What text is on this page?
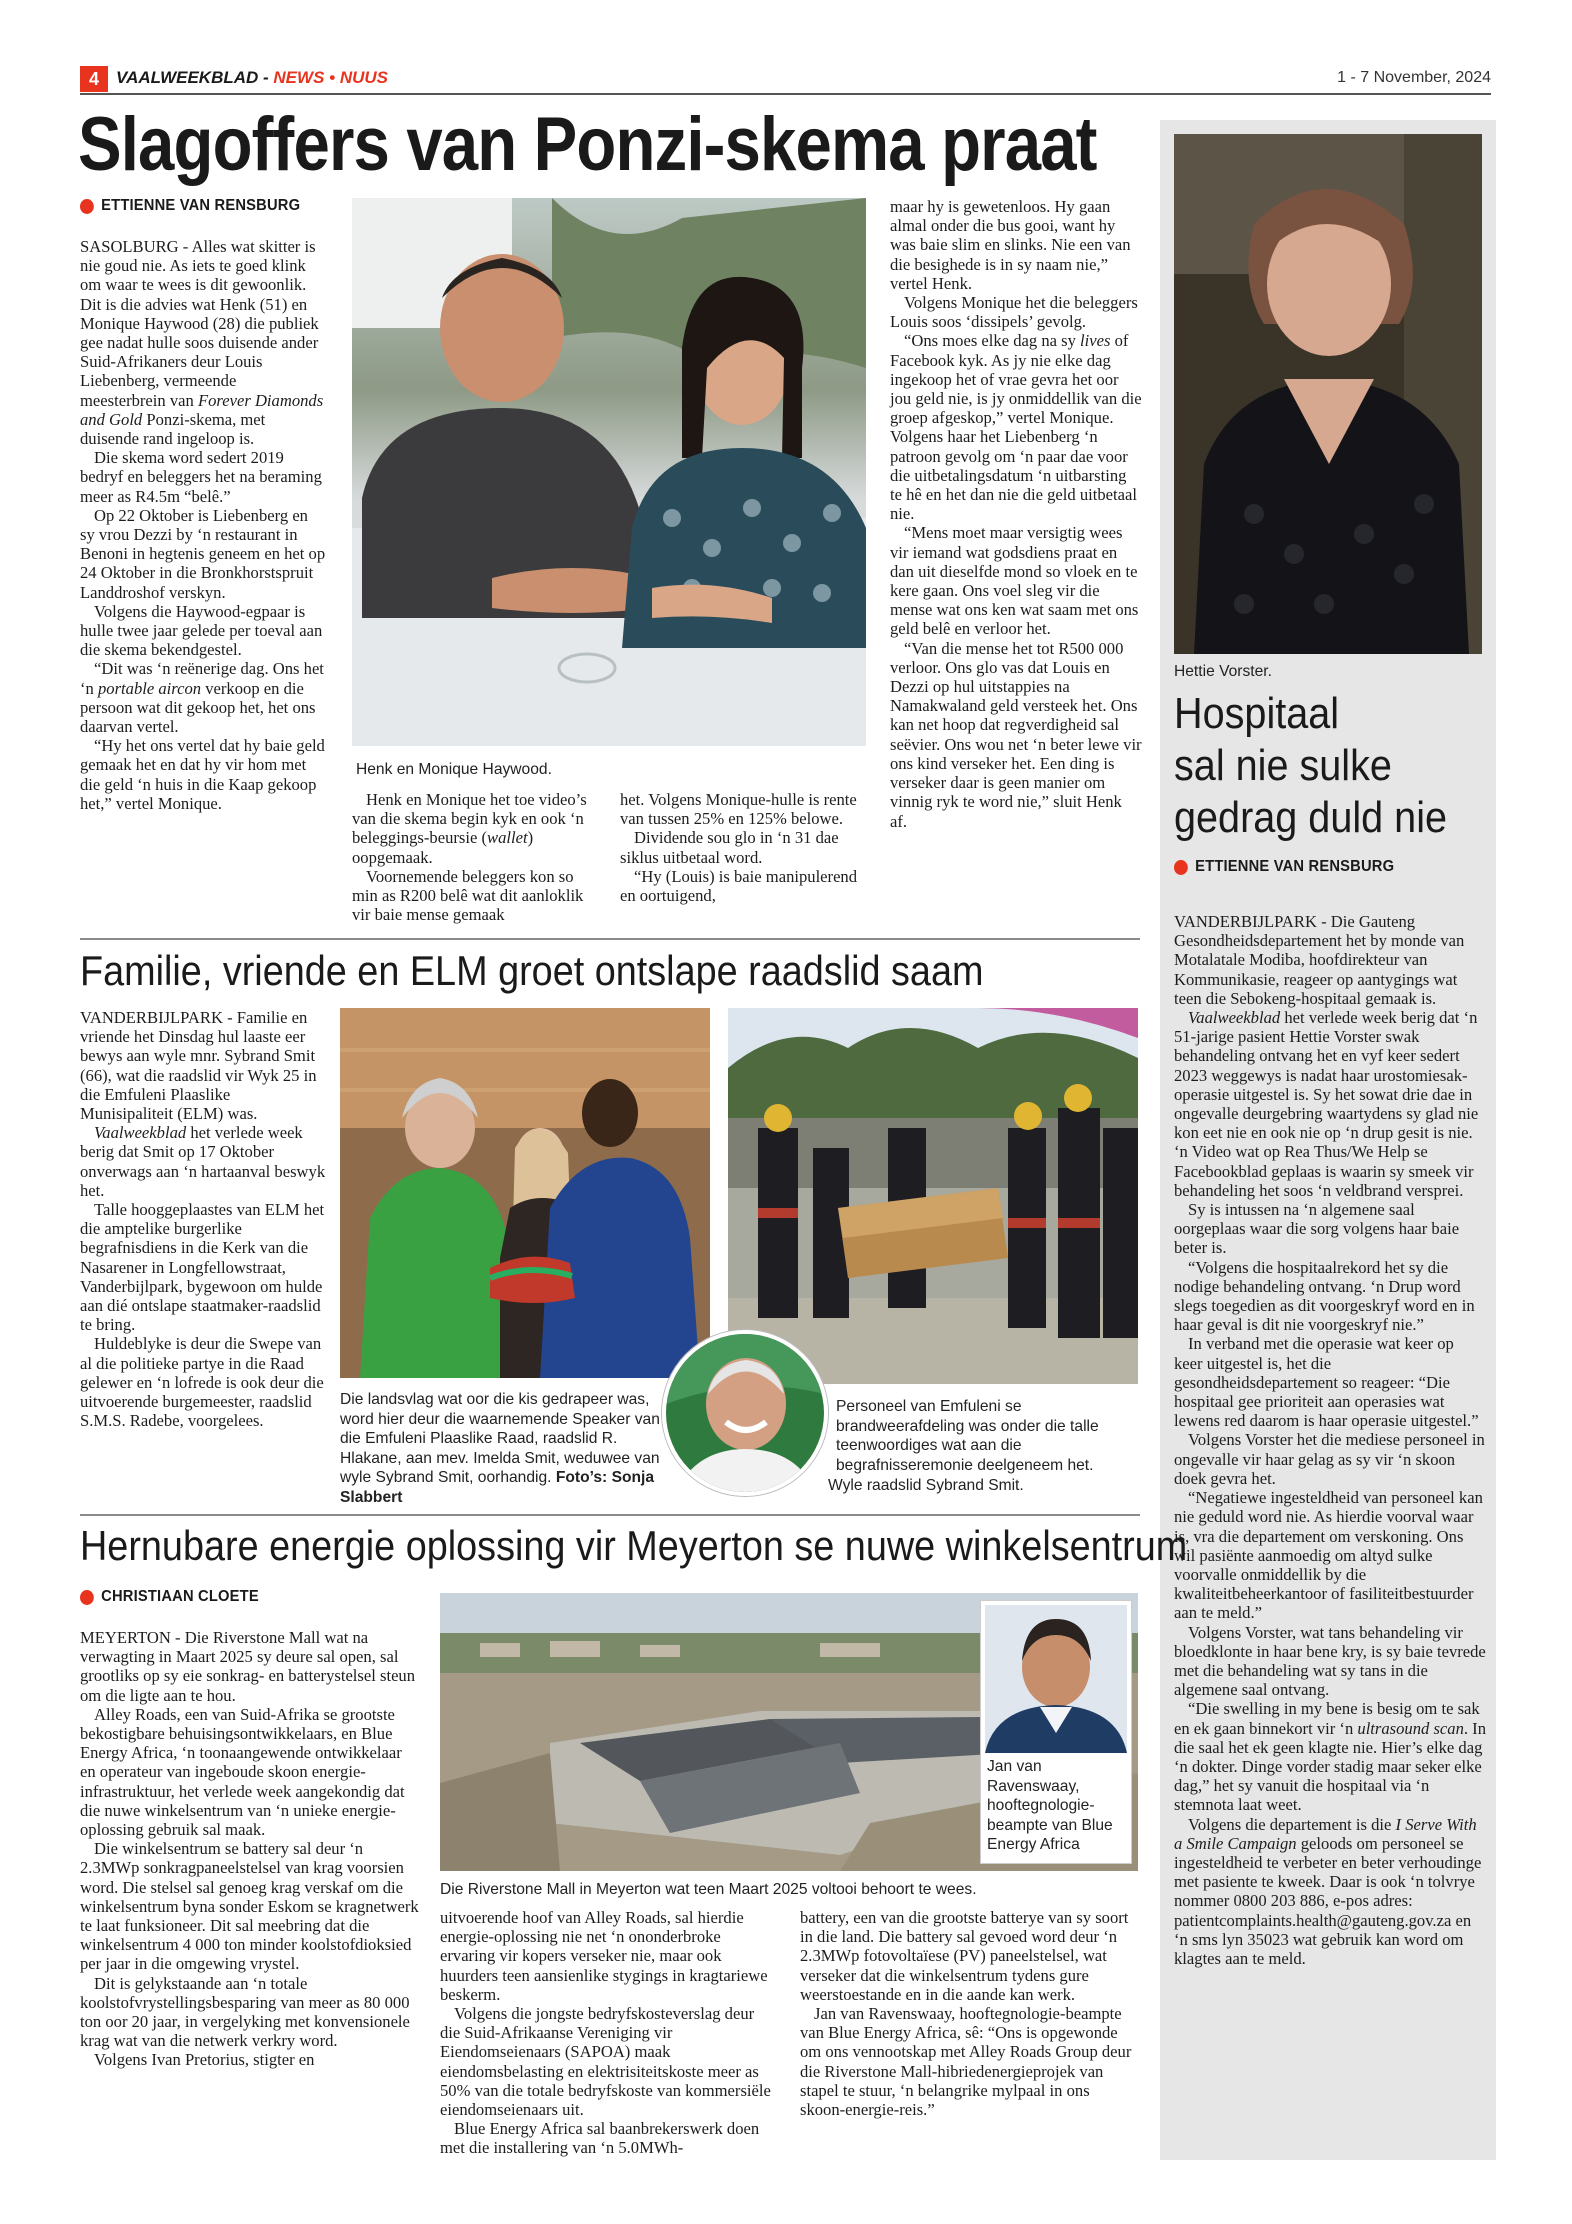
4	VAALWEEKBLAD - NEWS • NUUS	1 - 7 November, 2024
Slagoffers van Ponzi-skema praat
ETTIENNE VAN RENSBURG

SASOLBURG - Alles wat skitter is nie goud nie. As iets te goed klink om waar te wees is dit gewoonlik.

Dit is die advies wat Henk (51) en Monique Haywood (28) die publiek gee nadat hulle soos duisende ander Suid-Afrikaners deur Louis Liebenberg, vermeende meesterbrein van Forever Diamonds and Gold Ponzi-skema, met duisende rand ingeloop is.

Die skema word sedert 2019 bedryf en beleggers het na beraming meer as R4.5m “belê.”

Op 22 Oktober is Liebenberg en sy vrou Dezzi by ‘n restaurant in Benoni in hegtenis geneem en het op 24 Oktober in die Bronkhorstspruit Landdroshof verskyn.

Volgens die Haywood-egpaar is hulle twee jaar gelede per toeval aan die skema bekendgestel.

“Dit was ‘n reënerige dag. Ons het ‘n portable aircon verkoop en die persoon wat dit gekoop het, het ons daarvan vertel.

“Hy het ons vertel dat hy baie geld gemaak het en dat hy vir hom met die geld ‘n huis in die Kaap gekoop het,” vertel Monique.

Henk en Monique Haywood.

Henk en Monique het toe video’s van die skema begin kyk en ook ‘n beleggings-beursie (wallet) oopgemaak.

Voornemende beleggers kon so min as R200 belê wat dit aanloklik vir baie mense gemaak

het. Volgens Monique-hulle is rente van tussen 25% en 125% belowe.

Dividende sou glo in ‘n 31 dae siklus uitbetaal word.

“Hy (Louis) is baie manipulerend en oortuigend,

maar hy is gewetenloos. Hy gaan almal onder die bus gooi, want hy was baie slim en slinks. Nie een van die besighede is in sy naam nie,” vertel Henk.

Volgens Monique het die beleggers Louis soos ‘dissipels’ gevolg.

“Ons moes elke dag na sy lives of Facebook kyk. As jy nie elke dag ingekoop het of vrae gevra het oor jou geld nie, is jy onmiddellik van die groep afgeskop,” vertel Monique. Volgens haar het Liebenberg ‘n patroon gevolg om ‘n paar dae voor die uitbetalingsdatum ‘n uitbarsting te hê en het dan nie die geld uitbetaal nie.

“Mens moet maar versigtig wees vir iemand wat godsdiens praat en dan uit dieselfde mond so vloek en te kere gaan. Ons voel sleg vir die mense wat ons ken wat saam met ons geld belê en verloor het.

“Van die mense het tot R500 000 verloor. Ons glo vas dat Louis en Dezzi op hul uitstappies na Namakwaland geld versteek het. Ons kan net hoop dat regverdigheid sal seëvier. Ons wou net ‘n beter lewe vir ons kind verseker het. Een ding is verseker daar is geen manier om vinnig ryk te word nie,” sluit Henk af.

Hettie Vorster.
Hospitaal
sal nie sulke
gedrag duld nie
ETTIENNE VAN RENSBURG

VANDERBIJLPARK - Die Gauteng Gesondheidsdepartement het by monde van Motalatale Modiba, hoofdirekteur van Kommunikasie, reageer op aantygings wat teen die Sebokeng-hospitaal gemaak is.

Vaalweekblad het verlede week berig dat ‘n 51-jarige pasient Hettie Vorster swak behandeling ontvang het en vyf keer sedert 2023 weggewys is nadat haar urostomiesak-operasie uitgestel is. Sy het sowat drie dae in ongevalle deurgebring waartydens sy glad nie kon eet nie en ook nie op ‘n drup gesit is nie. ‘n Video wat op Rea Thus/We Help se Facebookblad geplaas is waarin sy smeek vir behandeling het soos ‘n veldbrand versprei.

Sy is intussen na ‘n algemene saal oorgeplaas waar die sorg volgens haar baie beter is.

“Volgens die hospitaalrekord het sy die nodige behandeling ontvang. ‘n Drup word slegs toegedien as dit voorgeskryf word en in haar geval is dit nie voorgeskryf nie.”

In verband met die operasie wat keer op keer uitgestel is, het die gesondheidsdepartement so reageer: “Die hospitaal gee prioriteit aan operasies wat lewens red daarom is haar operasie uitgestel.”

Volgens Vorster het die mediese personeel in ongevalle vir haar gelag as sy vir ‘n skoon doek gevra het.

“Negatiewe ingesteldheid van personeel kan nie geduld word nie. As hierdie voorval waar is, vra die departement om verskoning. Ons wil pasiënte aanmoedig om altyd sulke voorvalle onmiddellik by die kwaliteitbeheerkantoor of fasiliteitbestuurder aan te meld.”

Volgens Vorster, wat tans behandeling vir bloedklonte in haar bene kry, is sy baie tevrede met die behandeling wat sy tans in die algemene saal ontvang.

“Die swelling in my bene is besig om te sak en ek gaan binnekort vir ‘n ultrasound scan. In die saal het ek geen klagte nie. Hier’s elke dag ‘n dokter. Dinge vorder stadig maar seker elke dag,” het sy vanuit die hospitaal via ‘n stemnota laat weet.

Volgens die departement is die I Serve With a Smile Campaign geloods om personeel se ingesteldheid te verbeter en beter verhoudinge met pasiente te kweek. Daar is ook ‘n tolvrye nommer 0800 203 886, e-pos adres: patientcomplaints.health@gauteng.gov.za en ‘n sms lyn 35023 wat gebruik kan word om klagtes aan te meld.

Familie, vriende en ELM groet ontslape raadslid saam

VANDERBIJLPARK - Familie en vriende het Dinsdag hul laaste eer bewys aan wyle mnr. Sybrand Smit (66), wat die raadslid vir Wyk 25 in die Emfuleni Plaaslike Munisipaliteit (ELM) was.

Vaalweekblad het verlede week berig dat Smit op 17 Oktober onverwags aan ‘n hartaanval beswyk het.

Talle hooggeplaastes van ELM het die amptelike burgerlike begrafnisdiens in die Kerk van die Nasarener in Longfellowstraat, Vanderbijlpark, bygewoon om hulde aan dié ontslape staatmaker-raadslid te bring.

Huldeblyke is deur die Swepe van al die politieke partye in die Raad gelewer en ‘n lofrede is ook deur die uitvoerende burgemeester, raadslid S.M.S. Radebe, voorgelees.

Die landsvlag wat oor die kis gedrapeer was, word hier deur die waarnemende Speaker van die Emfuleni Plaaslike Raad, raadslid R. Hlakane, aan mev. Imelda Smit, weduwee van wyle Sybrand Smit, oorhandig. Foto’s: Sonja Slabbert
Personeel van Emfuleni se brandweerafdeling was onder die talle teenwoordiges wat aan die begrafnisseremonie deelgeneem het.
Wyle raadslid Sybrand Smit.
Hernubare energie oplossing vir Meyerton se nuwe winkelsentrum
CHRISTIAAN CLOETE
Jan van Ravenswaay, hooftegnologie-beampte van Blue Energy Africa
Die Riverstone Mall in Meyerton wat teen Maart 2025 voltooi behoort te wees.

MEYERTON - Die Riverstone Mall wat na verwagting in Maart 2025 sy deure sal open, sal grootliks op sy eie sonkrag- en batterystelsel steun om die ligte aan te hou.

Alley Roads, een van Suid-Afrika se grootste bekostigbare behuisingsontwikkelaars, en Blue Energy Africa, ‘n toonaangewende ontwikkelaar en operateur van ingeboude skoon energie-infrastruktuur, het verlede week aangekondig dat die nuwe winkelsentrum van ‘n unieke energie-oplossing gebruik sal maak.

Die winkelsentrum se battery sal deur ‘n 2.3MWp sonkragpaneelstelsel van krag voorsien word. Die stelsel sal genoeg krag verskaf om die winkelsentrum byna sonder Eskom se kragnetwerk te laat funksioneer. Dit sal meebring dat die winkelsentrum 4 000 ton minder koolstofdioksied per jaar in die omgewing vrystel.

Dit is gelykstaande aan ‘n totale koolstofvrystellingsbesparing van meer as 80 000 ton oor 20 jaar, in vergelyking met konvensionele krag wat van die netwerk verkry word.

Volgens Ivan Pretorius, stigter en

uitvoerende hoof van Alley Roads, sal hierdie energie-oplossing nie net ‘n ononderbroke ervaring vir kopers verseker nie, maar ook huurders teen aansienlike stygings in kragtariewe beskerm.

Volgens die jongste bedryfskosteverslag deur die Suid-Afrikaanse Vereniging vir Eiendomseienaars (SAPOA) maak eiendomsbelasting en elektrisiteitskoste meer as 50% van die totale bedryfskoste van kommersiële eiendomseienaars uit.

Blue Energy Africa sal baanbrekerswerk doen met die installering van ‘n 5.0MWh-

battery, een van die grootste batterye van sy soort in die land. Die battery sal gevoed word deur ‘n 2.3MWp fotovoltaïese (PV) paneelstelsel, wat verseker dat die winkelsentrum tydens gure weerstoestande en in die aande kan werk.

Jan van Ravenswaay, hooftegnologie-beampte van Blue Energy Africa, sê: “Ons is opgewonde om ons vennootskap met Alley Roads Group deur die Riverstone Mall-hibriedenergieprojek van stapel te stuur, ‘n belangrike mylpaal in ons skoon-energie-reis.”
